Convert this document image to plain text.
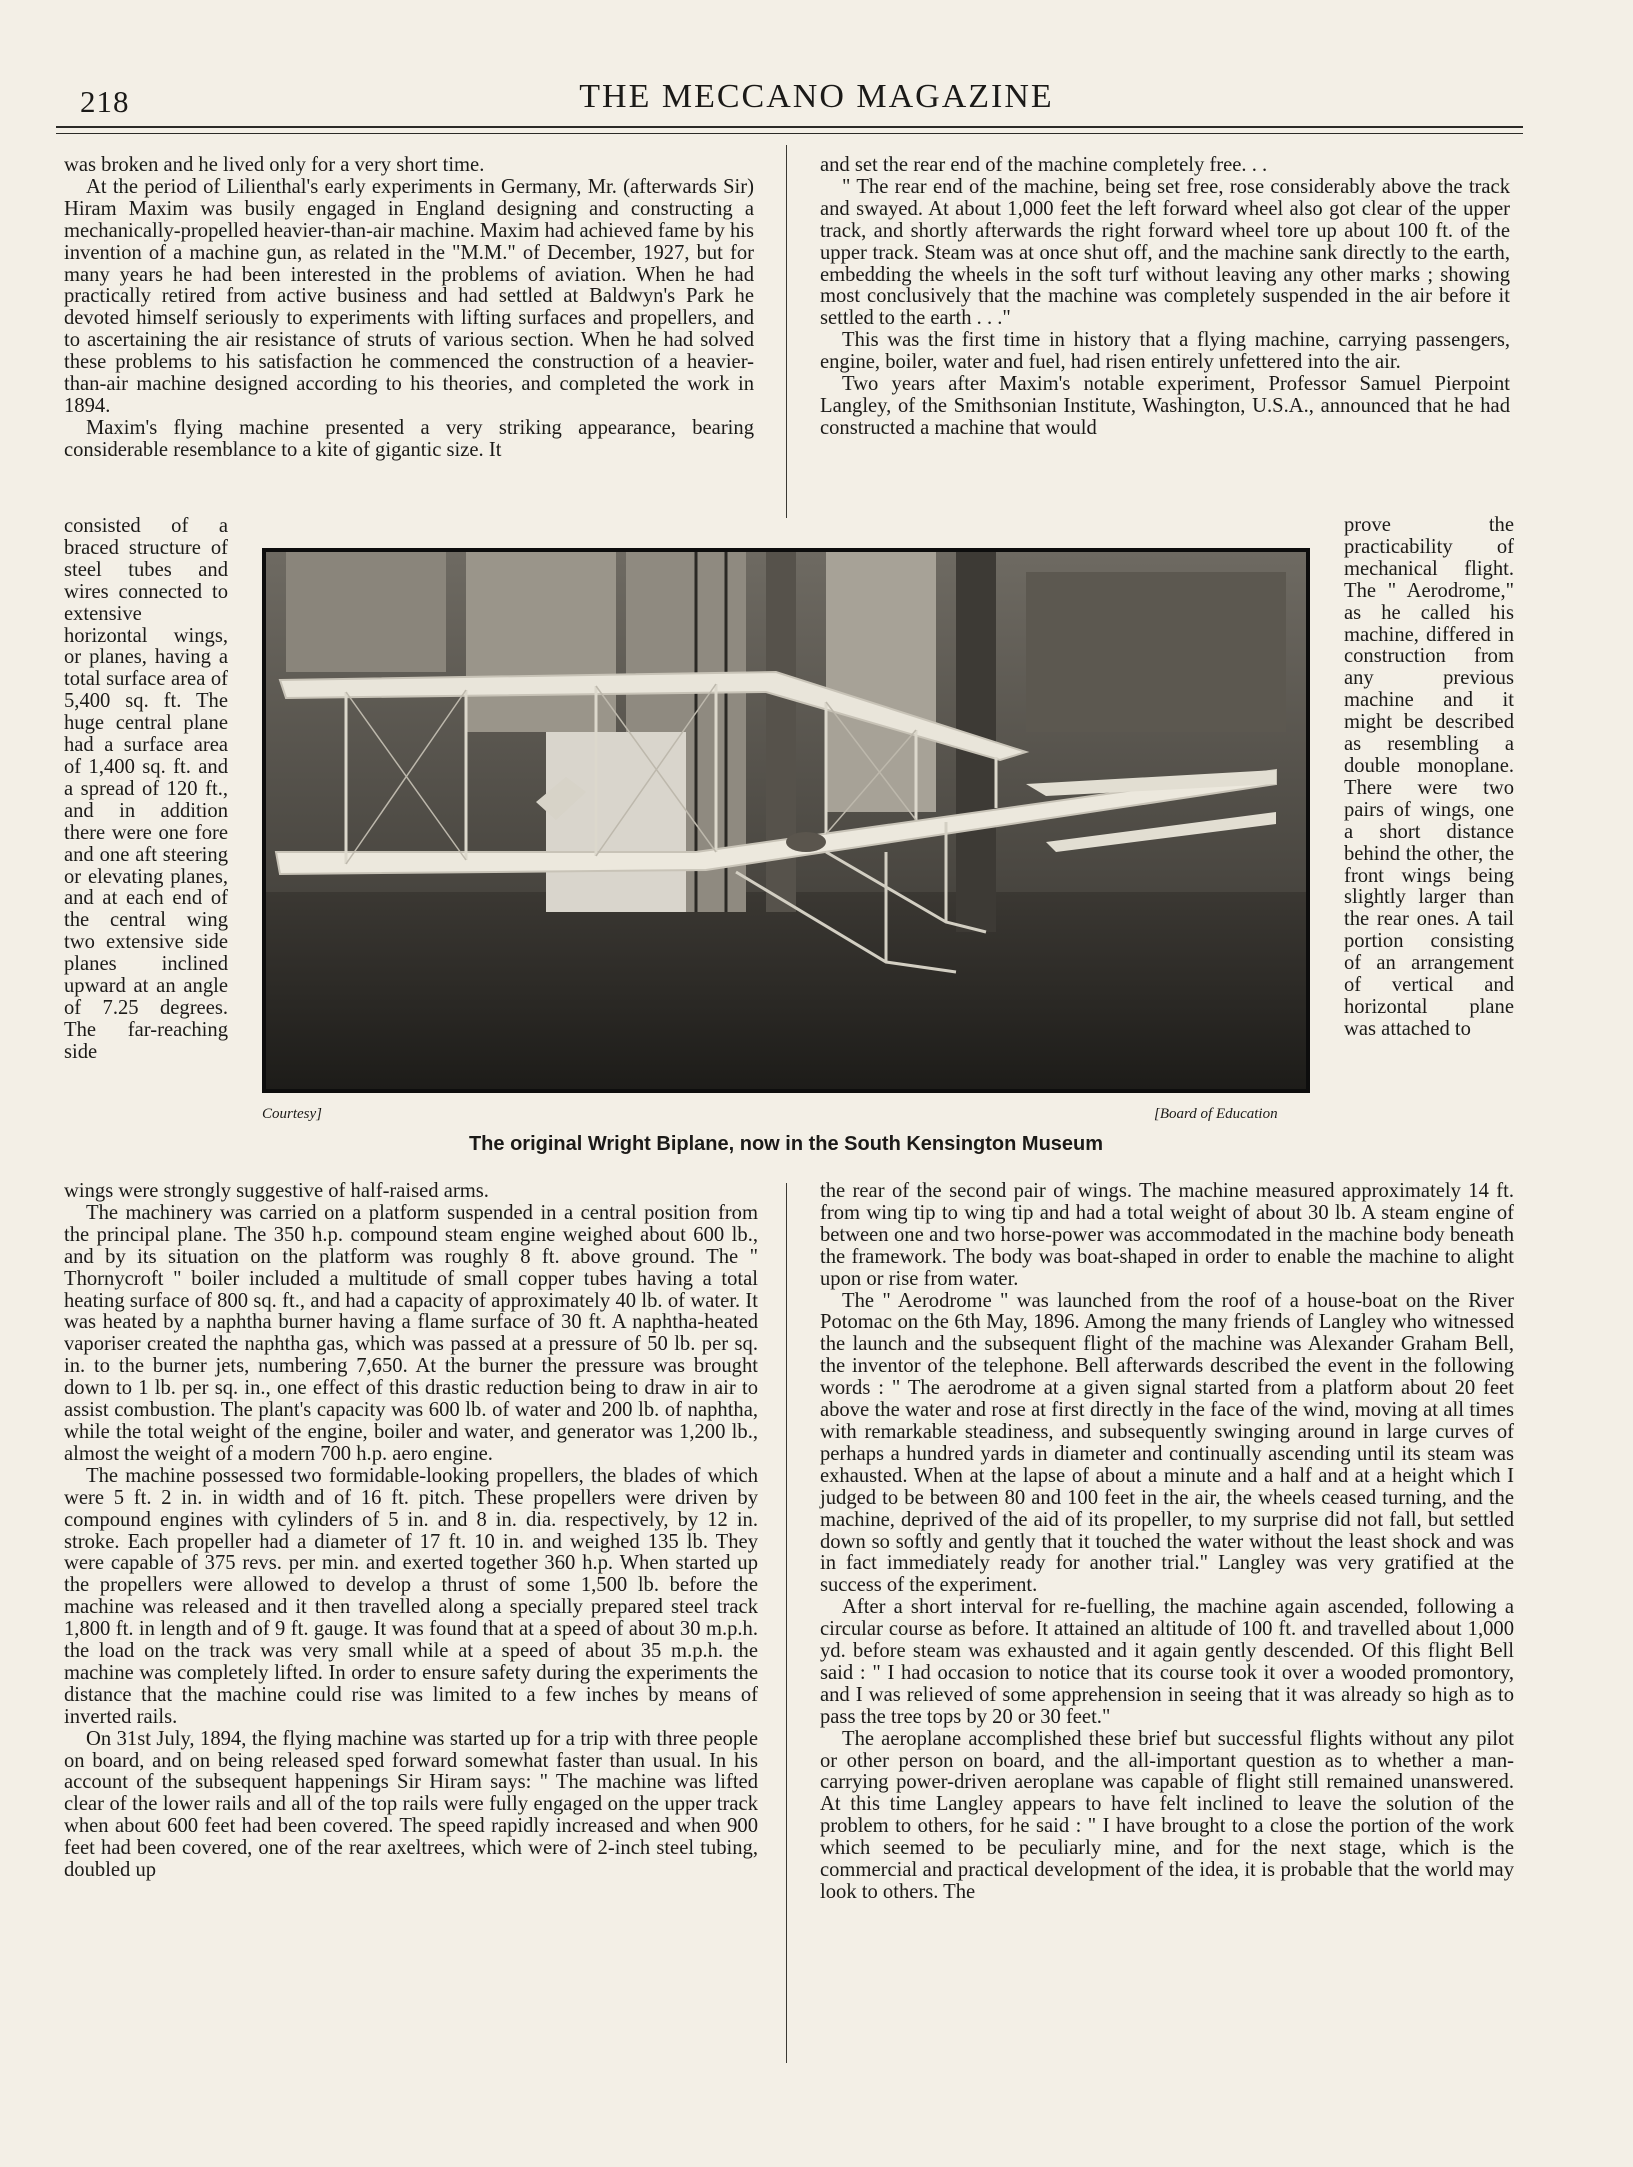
218	THE MECCANO MAGAZINE

was broken and he lived only for a very short time.

At the period of Lilienthal's early experiments in Germany, Mr. (afterwards Sir) Hiram Maxim was busily engaged in England designing and constructing a mechanically-propelled heavier-than-air machine. Maxim had achieved fame by his invention of a machine gun, as related in the "M.M." of December, 1927, but for many years he had been interested in the problems of aviation. When he had practically retired from active business and had settled at Baldwyn's Park he devoted himself seriously to experiments with lifting surfaces and propellers, and to ascertaining the air resistance of struts of various section. When he had solved these problems to his satisfaction he commenced the construction of a heavier-than-air machine designed according to his theories, and completed the work in 1894.

Maxim's flying machine presented a very striking appearance, bearing considerable resemblance to a kite of gigantic size. It

consisted of a braced structure of steel tubes and wires connected to extensive horizontal wings, or planes, having a total surface area of 5,400 sq. ft. The huge central plane had a surface area of 1,400 sq. ft. and a spread of 120 ft., and in addition there were one fore and one aft steering or elevating planes, and at each end of the central wing two extensive side planes inclined upward at an angle of 7.25 degrees. The far-reaching side

wings were strongly suggestive of half-raised arms.

The machinery was carried on a platform suspended in a central position from the principal plane. The 350 h.p. compound steam engine weighed about 600 lb., and by its situation on the platform was roughly 8 ft. above ground. The " Thornycroft " boiler included a multitude of small copper tubes having a total heating surface of 800 sq. ft., and had a capacity of approximately 40 lb. of water. It was heated by a naphtha burner having a flame surface of 30 ft. A naphtha-heated vaporiser created the naphtha gas, which was passed at a pressure of 50 lb. per sq. in. to the burner jets, numbering 7,650. At the burner the pressure was brought down to 1 lb. per sq. in., one effect of this drastic reduction being to draw in air to assist combustion. The plant's capacity was 600 lb. of water and 200 lb. of naphtha, while the total weight of the engine, boiler and water, and generator was 1,200 lb., almost the weight of a modern 700 h.p. aero engine.

The machine possessed two formidable-looking propellers, the blades of which were 5 ft. 2 in. in width and of 16 ft. pitch. These propellers were driven by compound engines with cylinders of 5 in. and 8 in. dia. respectively, by 12 in. stroke. Each propeller had a diameter of 17 ft. 10 in. and weighed 135 lb. They were capable of 375 revs. per min. and exerted together 360 h.p. When started up the propellers were allowed to develop a thrust of some 1,500 lb. before the machine was released and it then travelled along a specially prepared steel track 1,800 ft. in length and of 9 ft. gauge. It was found that at a speed of about 30 m.p.h. the load on the track was very small while at a speed of about 35 m.p.h. the machine was completely lifted. In order to ensure safety during the experiments the distance that the machine could rise was limited to a few inches by means of inverted rails.

On 31st July, 1894, the flying machine was started up for a trip with three people on board, and on being released sped forward somewhat faster than usual. In his account of the subsequent happenings Sir Hiram says: " The machine was lifted clear of the lower rails and all of the top rails were fully engaged on the upper track when about 600 feet had been covered. The speed rapidly increased and when 900 feet had been covered, one of the rear axeltrees, which were of 2-inch steel tubing, doubled up

and set the rear end of the machine completely free. . .

" The rear end of the machine, being set free, rose considerably above the track and swayed. At about 1,000 feet the left forward wheel also got clear of the upper track, and shortly afterwards the right forward wheel tore up about 100 ft. of the upper track. Steam was at once shut off, and the machine sank directly to the earth, embedding the wheels in the soft turf without leaving any other marks ; showing most conclusively that the machine was completely suspended in the air before it settled to the earth . . ."

This was the first time in history that a flying machine, carrying passengers, engine, boiler, water and fuel, had risen entirely unfettered into the air.

Two years after Maxim's notable experiment, Professor Samuel Pierpoint Langley, of the Smithsonian Institute, Washington, U.S.A., announced that he had constructed a machine that would

prove the practicability of mechanical flight. The " Aerodrome," as he called his machine, differed in construction from any previous machine and it might be described as resembling a double monoplane. There were two pairs of wings, one a short distance behind the other, the front wings being slightly larger than the rear ones. A tail portion consisting of an arrangement of vertical and horizontal plane was attached to

the rear of the second pair of wings. The machine measured approximately 14 ft. from wing tip to wing tip and had a total weight of about 30 lb. A steam engine of between one and two horse-power was accommodated in the machine body beneath the framework. The body was boat-shaped in order to enable the machine to alight upon or rise from water.

The " Aerodrome " was launched from the roof of a house-boat on the River Potomac on the 6th May, 1896. Among the many friends of Langley who witnessed the launch and the subsequent flight of the machine was Alexander Graham Bell, the inventor of the telephone. Bell afterwards described the event in the following words : " The aerodrome at a given signal started from a platform about 20 feet above the water and rose at first directly in the face of the wind, moving at all times with remarkable steadiness, and subsequently swinging around in large curves of perhaps a hundred yards in diameter and continually ascending until its steam was exhausted. When at the lapse of about a minute and a half and at a height which I judged to be between 80 and 100 feet in the air, the wheels ceased turning, and the machine, deprived of the aid of its propeller, to my surprise did not fall, but settled down so softly and gently that it touched the water without the least shock and was in fact immediately ready for another trial." Langley was very gratified at the success of the experiment.

After a short interval for re-fuelling, the machine again ascended, following a circular course as before. It attained an altitude of 100 ft. and travelled about 1,000 yd. before steam was exhausted and it again gently descended. Of this flight Bell said : " I had occasion to notice that its course took it over a wooded promontory, and I was relieved of some apprehension in seeing that it was already so high as to pass the tree tops by 20 or 30 feet."

The aeroplane accomplished these brief but successful flights without any pilot or other person on board, and the all-important question as to whether a man-carrying power-driven aeroplane was capable of flight still remained unanswered. At this time Langley appears to have felt inclined to leave the solution of the problem to others, for he said : " I have brought to a close the portion of the work which seemed to be peculiarly mine, and for the next stage, which is the commercial and practical development of the idea, it is probable that the world may look to others. The

Courtesy]	[Board of Education
The original Wright Biplane, now in the South Kensington Museum
